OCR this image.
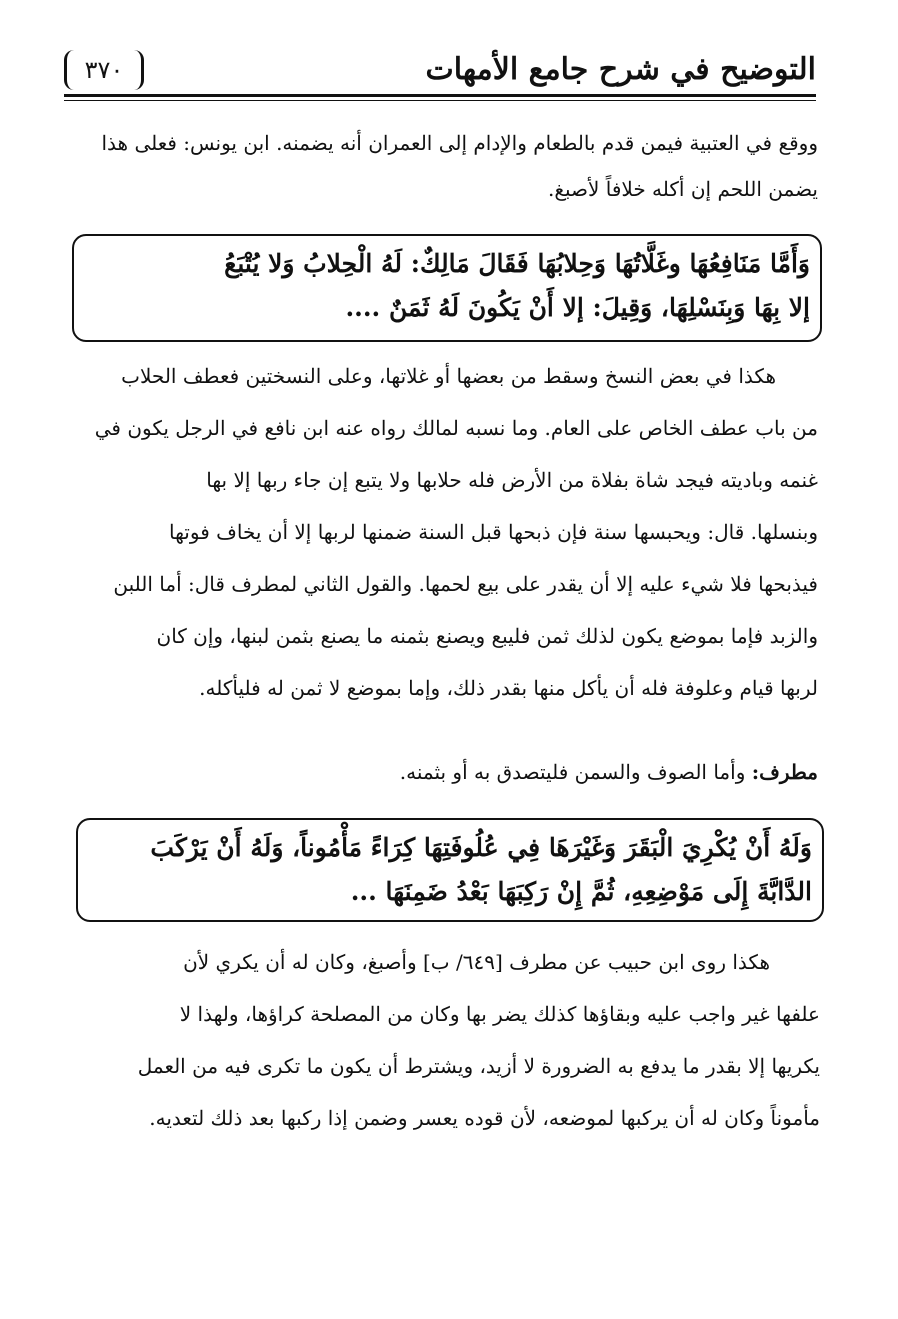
التوضيح في شرح جامع الأمهات
٣٧٠
ووقع في العتبية فيمن قدم بالطعام والإدام إلى العمران أنه يضمنه. ابن يونس: فعلى هذا
يضمن اللحم إن أكله خلافاً لأصبغ.
وَأَمَّا مَنَافِعُهَا وغَلَّاتُهَا وَحِلابُهَا فَقَالَ مَالِكٌ: لَهُ الْحِلابُ وَلا يُتْبَعُ
إلا بِهَا وَبِنَسْلِهَا، وَقِيلَ: إلا أَنْ يَكُونَ لَهُ ثَمَنٌ ....
هكذا في بعض النسخ وسقط من بعضها أو غلاتها، وعلى النسختين فعطف الحلاب
من باب عطف الخاص على العام. وما نسبه لمالك رواه عنه ابن نافع في الرجل يكون في
غنمه وباديته فيجد شاة بفلاة من الأرض فله حلابها ولا يتبع إن جاء ربها إلا بها
وبنسلها. قال: ويحبسها سنة فإن ذبحها قبل السنة ضمنها لربها إلا أن يخاف فوتها
فيذبحها فلا شيء عليه إلا أن يقدر على بيع لحمها. والقول الثاني لمطرف قال: أما اللبن
والزبد فإما بموضع يكون لذلك ثمن فليبع ويصنع بثمنه ما يصنع بثمن لبنها، وإن كان
لربها قيام وعلوفة فله أن يأكل منها بقدر ذلك، وإما بموضع لا ثمن له فليأكله.
مطرف: وأما الصوف والسمن فليتصدق به أو بثمنه.
وَلَهُ أَنْ يُكْرِيَ الْبَقَرَ وَغَيْرَهَا فِي عُلُوفَتِهَا كِرَاءً مَأْمُوناً، وَلَهُ أَنْ يَرْكَبَ
الدَّابَّةَ إِلَى مَوْضِعِهِ، ثُمَّ إِنْ رَكِبَهَا بَعْدُ ضَمِنَهَا ...
هكذا روى ابن حبيب عن مطرف [٦٤٩/ ب] وأصبغ، وكان له أن يكري لأن
علفها غير واجب عليه وبقاؤها كذلك يضر بها وكان من المصلحة كراؤها، ولهذا لا
يكريها إلا بقدر ما يدفع به الضرورة لا أزيد، ويشترط أن يكون ما تكرى فيه من العمل
مأموناً وكان له أن يركبها لموضعه، لأن قوده يعسر وضمن إذا ركبها بعد ذلك لتعديه.
